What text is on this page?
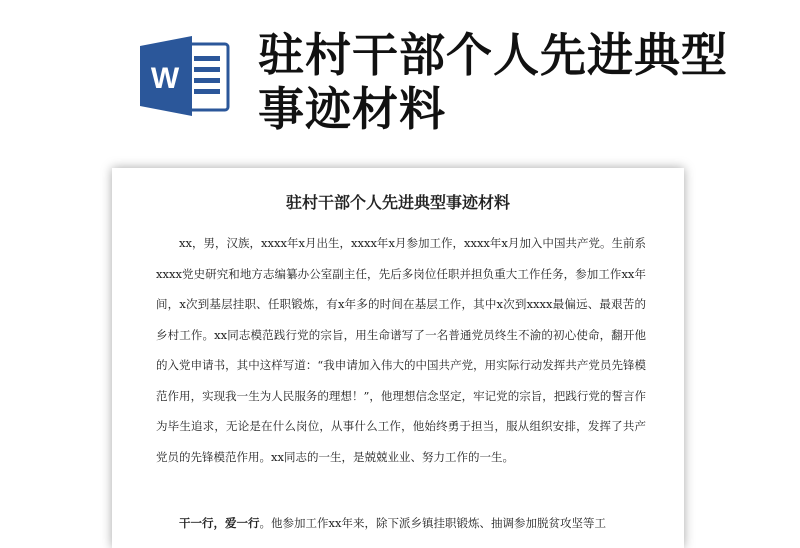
W 驻村干部个人先进典型事迹材料
驻村干部个人先进典型事迹材料

xx，男，汉族，xxxx年x月出生，xxxx年x月参加工作，xxxx年x月加入中国共产党。生前系xxxx党史研究和地方志编纂办公室副主任，先后多岗位任职并担负重大工作任务，参加工作xx年间，x次到基层挂职、任职锻炼，有x年多的时间在基层工作，其中x次到xxxx最偏远、最艰苦的乡村工作。xx同志模范践行党的宗旨，用生命谱写了一名普通党员终生不渝的初心使命，翻开他的入党申请书，其中这样写道：“我申请加入伟大的中国共产党，用实际行动发挥共产党员先锋模范作用，实现我一生为人民服务的理想！”，他理想信念坚定，牢记党的宗旨，把践行党的誓言作为毕生追求，无论是在什么岗位，从事什么工作，他始终勇于担当，服从组织安排，发挥了共产党员的先锋模范作用。xx同志的一生，是兢兢业业、努力工作的一生。

干一行，爱一行。他参加工作xx年来，除下派乡镇挂职锻炼、抽调参加脱贫攻坚等工
